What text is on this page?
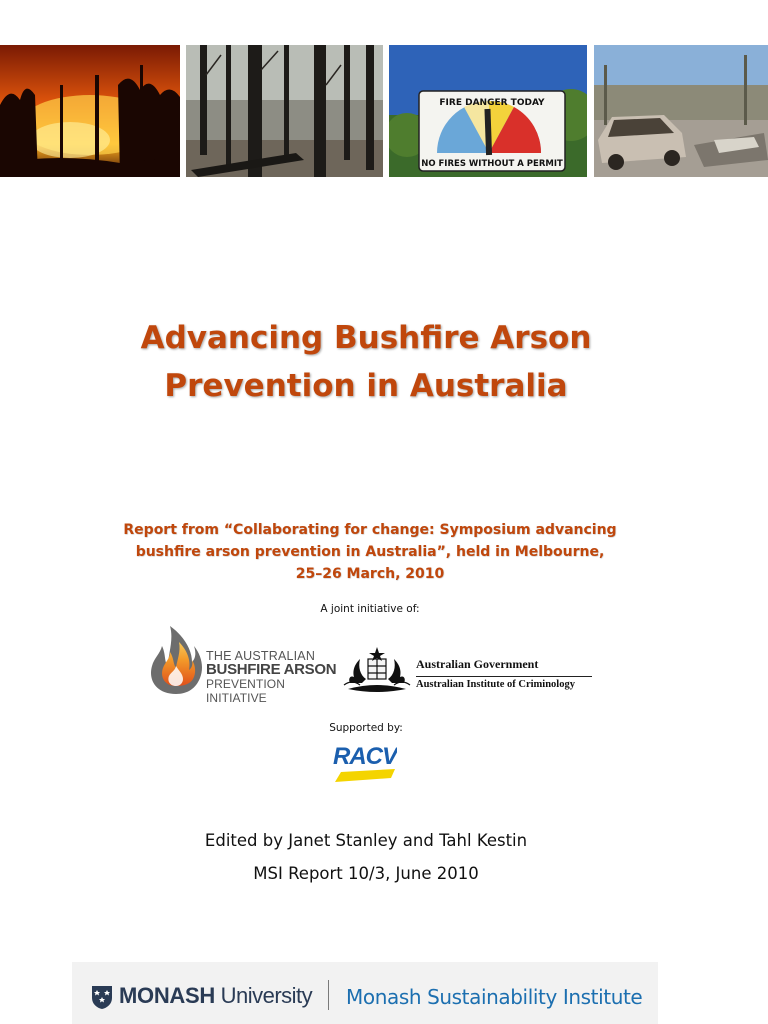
FIRE DANGER TODAY
NO FIRES WITHOUT A PERMIT
Advancing Bushfire Arson
Prevention in Australia
Report from “Collaborating for change: Symposium advancing
bushfire arson prevention in Australia”, held in Melbourne,
25–26 March, 2010
A joint initiative of:
THE AUSTRALIAN
BUSHFIRE ARSON
PREVENTION INITIATIVE
Australian Government
Australian Institute of Criminology
Supported by:
RACV
Edited by Janet Stanley and Tahl Kestin
MSI Report 10/3, June 2010
MONASH University Monash Sustainability Institute
